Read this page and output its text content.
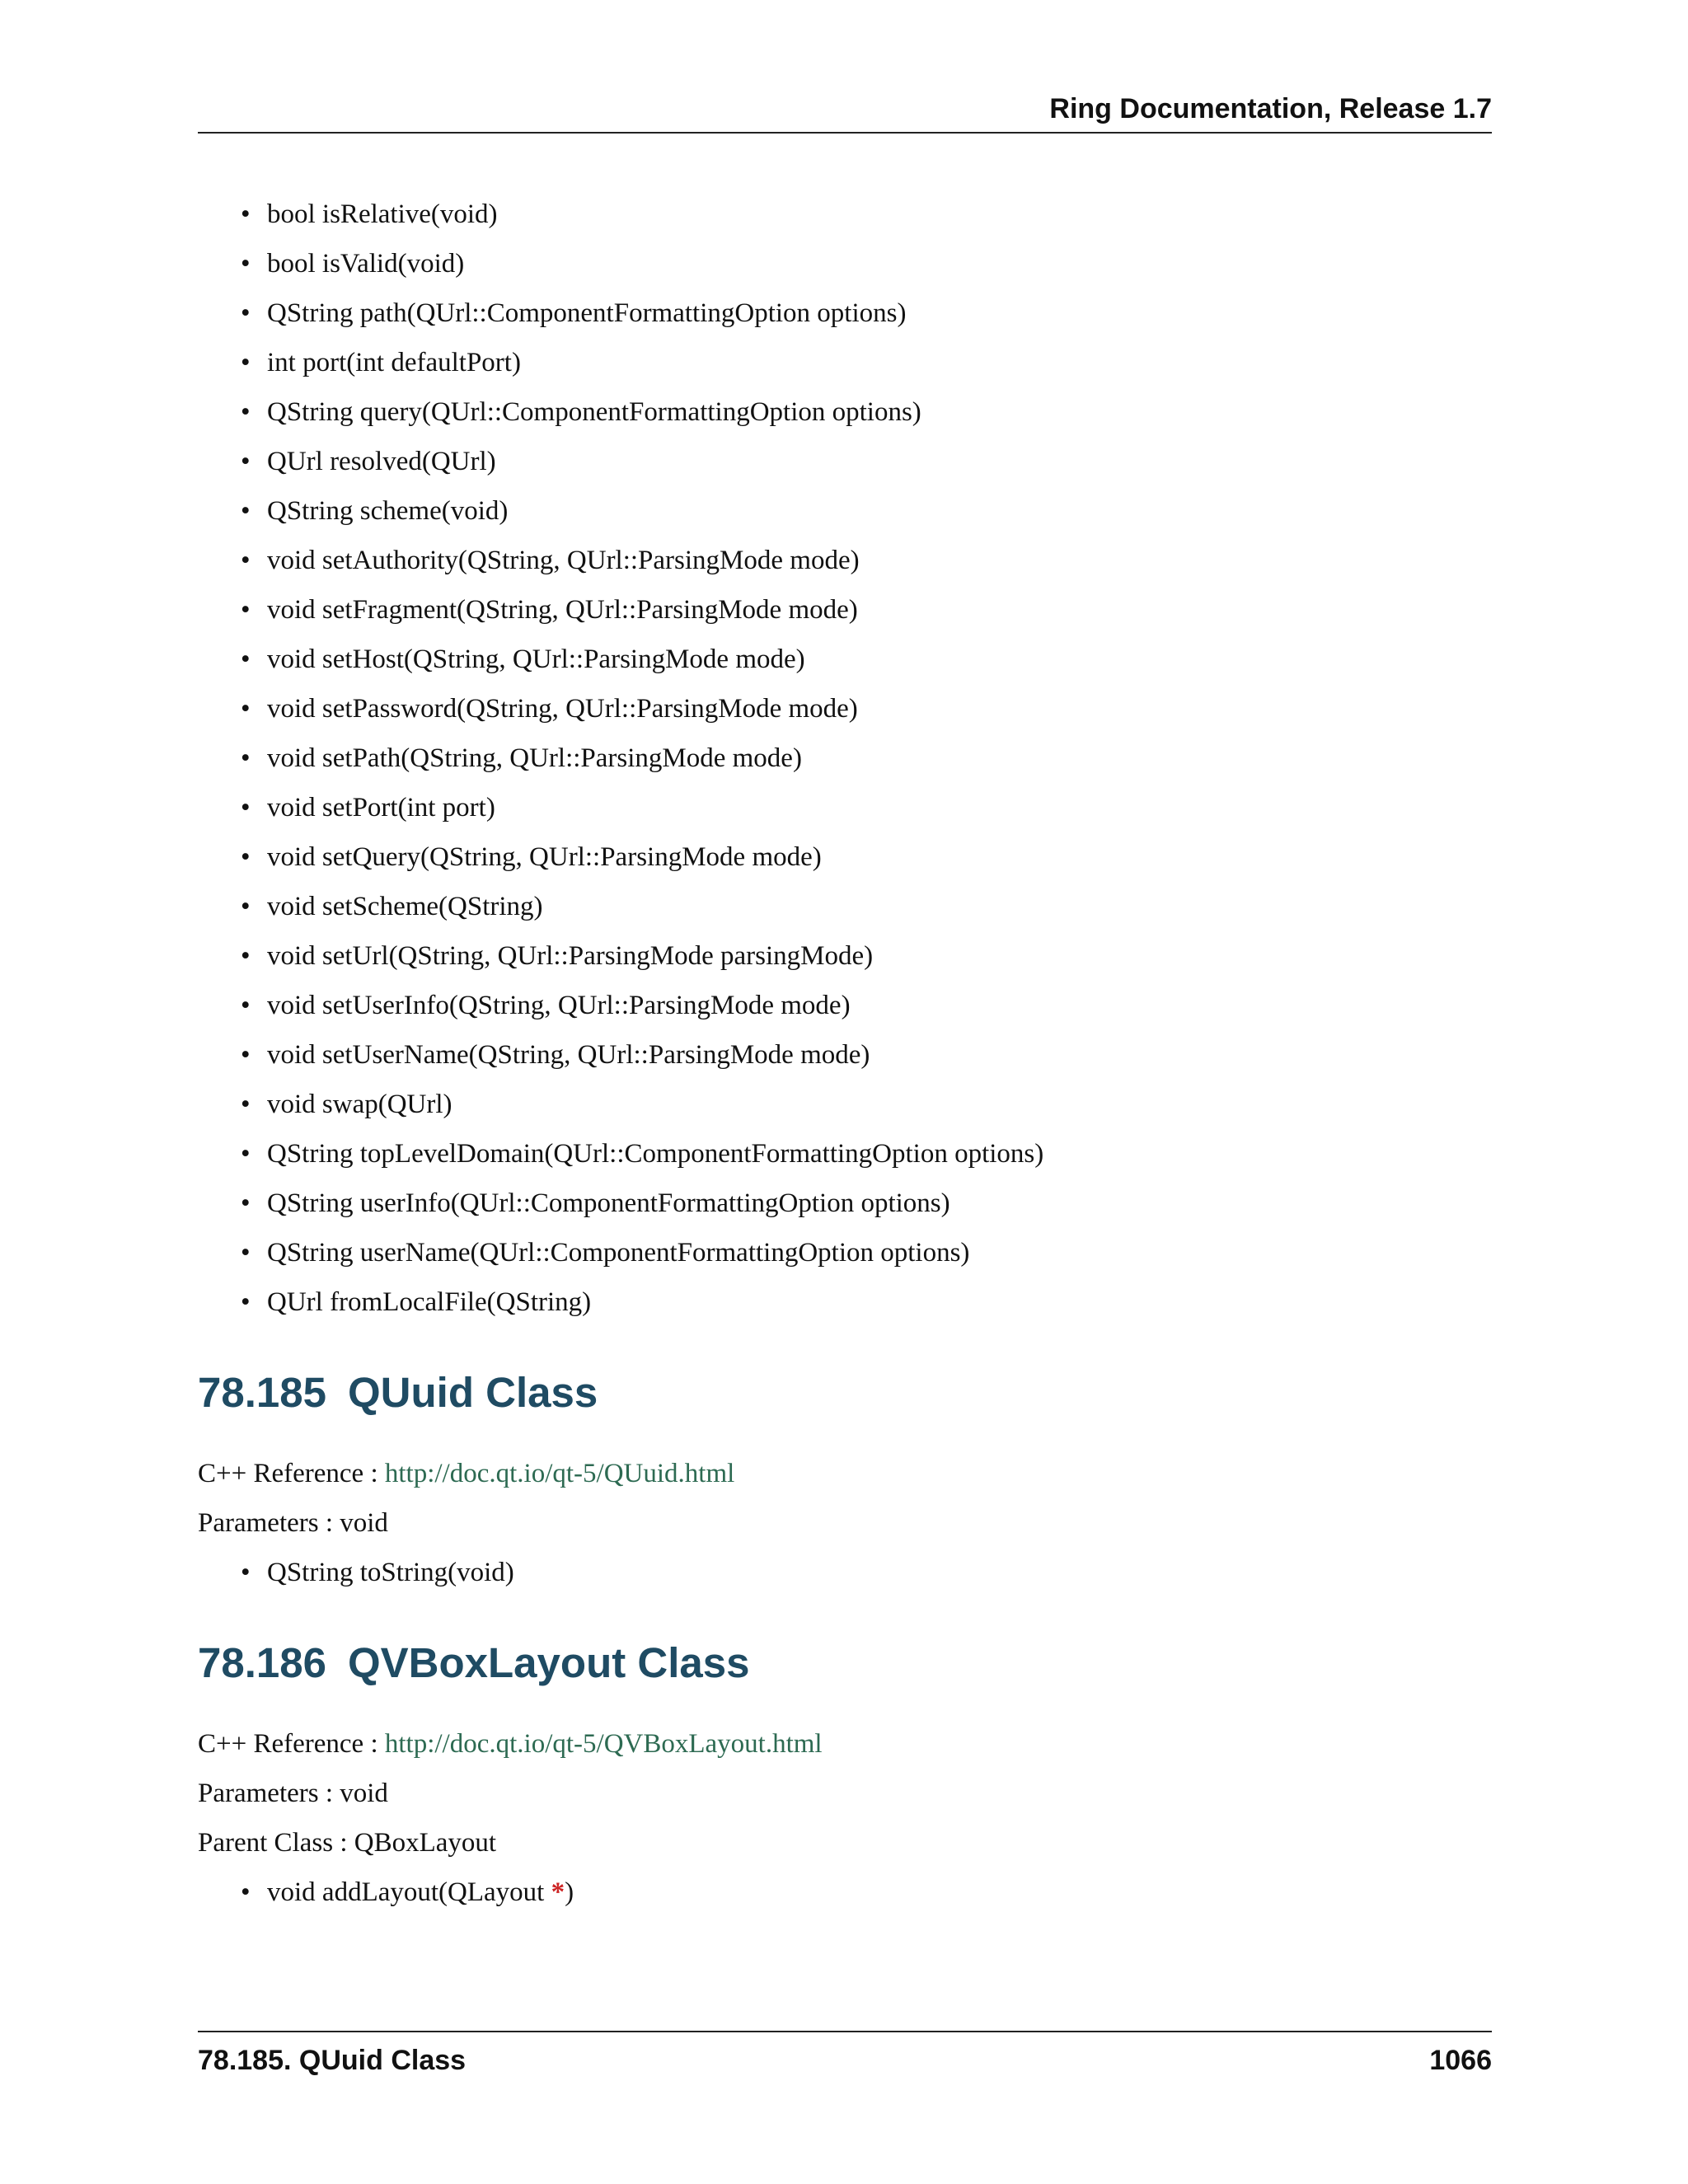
Ring Documentation, Release 1.7
• bool isRelative(void)
• bool isValid(void)
• QString path(QUrl::ComponentFormattingOption options)
• int port(int defaultPort)
• QString query(QUrl::ComponentFormattingOption options)
• QUrl resolved(QUrl)
• QString scheme(void)
• void setAuthority(QString, QUrl::ParsingMode mode)
• void setFragment(QString, QUrl::ParsingMode mode)
• void setHost(QString, QUrl::ParsingMode mode)
• void setPassword(QString, QUrl::ParsingMode mode)
• void setPath(QString, QUrl::ParsingMode mode)
• void setPort(int port)
• void setQuery(QString, QUrl::ParsingMode mode)
• void setScheme(QString)
• void setUrl(QString, QUrl::ParsingMode parsingMode)
• void setUserInfo(QString, QUrl::ParsingMode mode)
• void setUserName(QString, QUrl::ParsingMode mode)
• void swap(QUrl)
• QString topLevelDomain(QUrl::ComponentFormattingOption options)
• QString userInfo(QUrl::ComponentFormattingOption options)
• QString userName(QUrl::ComponentFormattingOption options)
• QUrl fromLocalFile(QString)
78.185 QUuid Class
C++ Reference : http://doc.qt.io/qt-5/QUuid.html
Parameters : void
• QString toString(void)
78.186 QVBoxLayout Class
C++ Reference : http://doc.qt.io/qt-5/QVBoxLayout.html
Parameters : void
Parent Class : QBoxLayout
• void addLayout(QLayout *)
78.185. QUuid Class	1066
